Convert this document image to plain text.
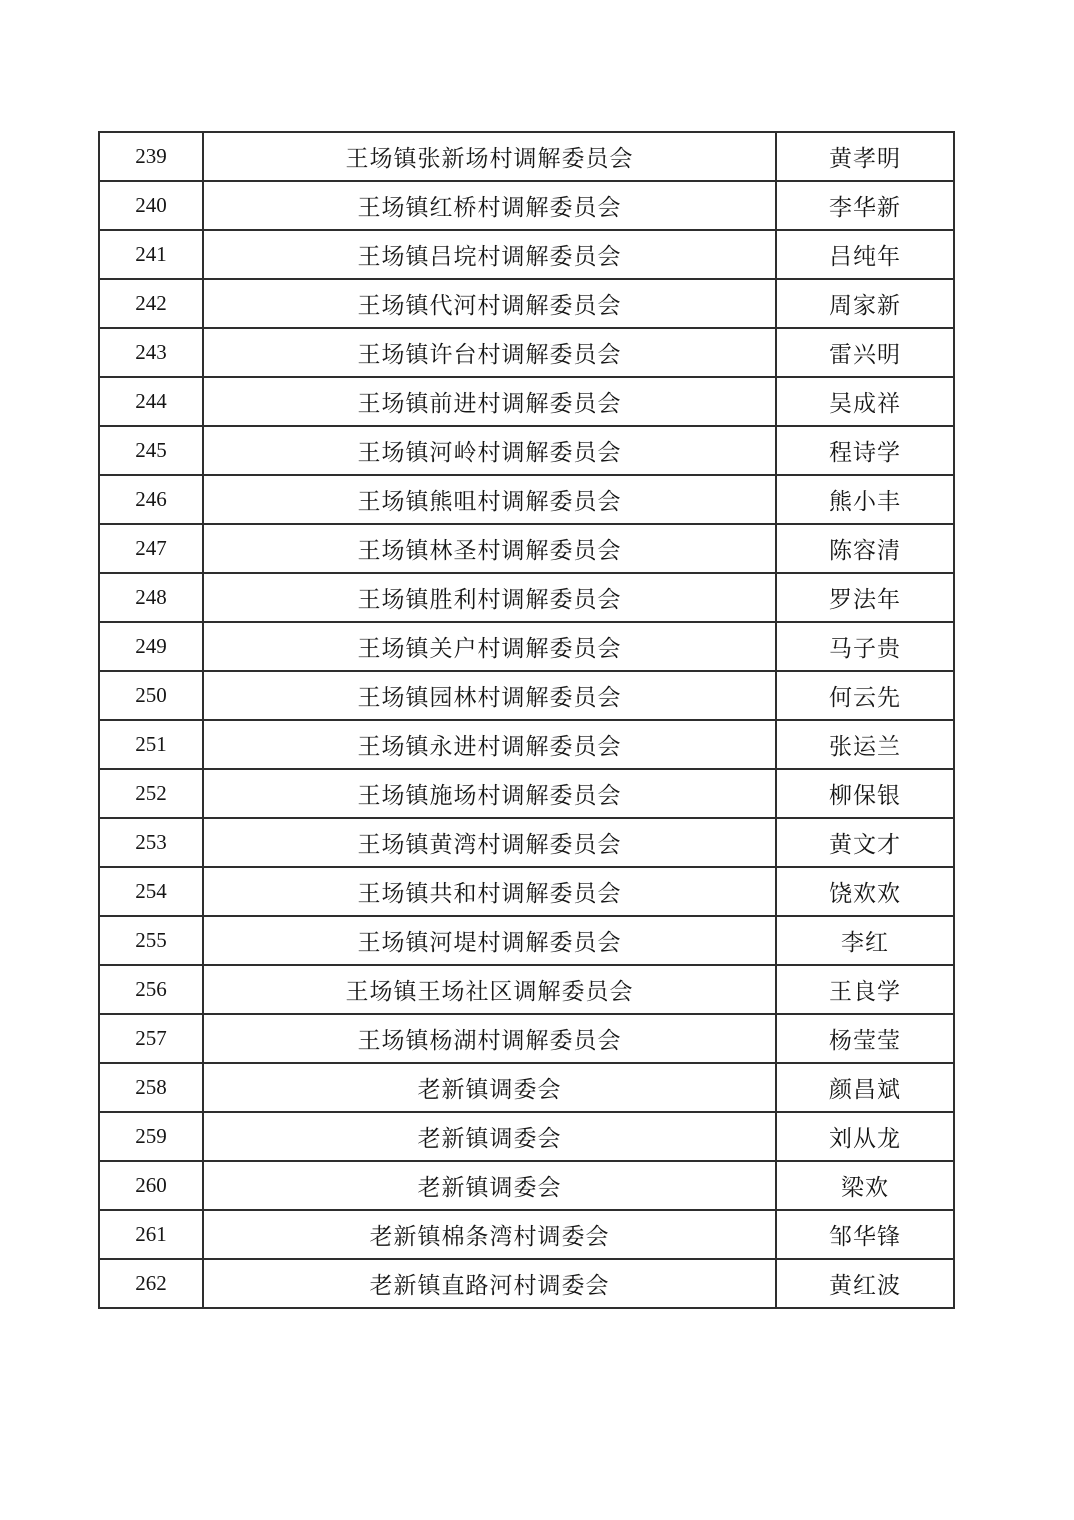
239	王场镇张新场村调解委员会	黄孝明
240	王场镇红桥村调解委员会	李华新
241	王场镇吕垸村调解委员会	吕纯年
242	王场镇代河村调解委员会	周家新
243	王场镇许台村调解委员会	雷兴明
244	王场镇前进村调解委员会	吴成祥
245	王场镇河岭村调解委员会	程诗学
246	王场镇熊咀村调解委员会	熊小丰
247	王场镇林圣村调解委员会	陈容清
248	王场镇胜利村调解委员会	罗法年
249	王场镇关户村调解委员会	马子贵
250	王场镇园林村调解委员会	何云先
251	王场镇永进村调解委员会	张运兰
252	王场镇施场村调解委员会	柳保银
253	王场镇黄湾村调解委员会	黄文才
254	王场镇共和村调解委员会	饶欢欢
255	王场镇河堤村调解委员会	李红
256	王场镇王场社区调解委员会	王良学
257	王场镇杨湖村调解委员会	杨莹莹
258	老新镇调委会	颜昌斌
259	老新镇调委会	刘从龙
260	老新镇调委会	梁欢
261	老新镇棉条湾村调委会	邹华锋
262	老新镇直路河村调委会	黄红波
